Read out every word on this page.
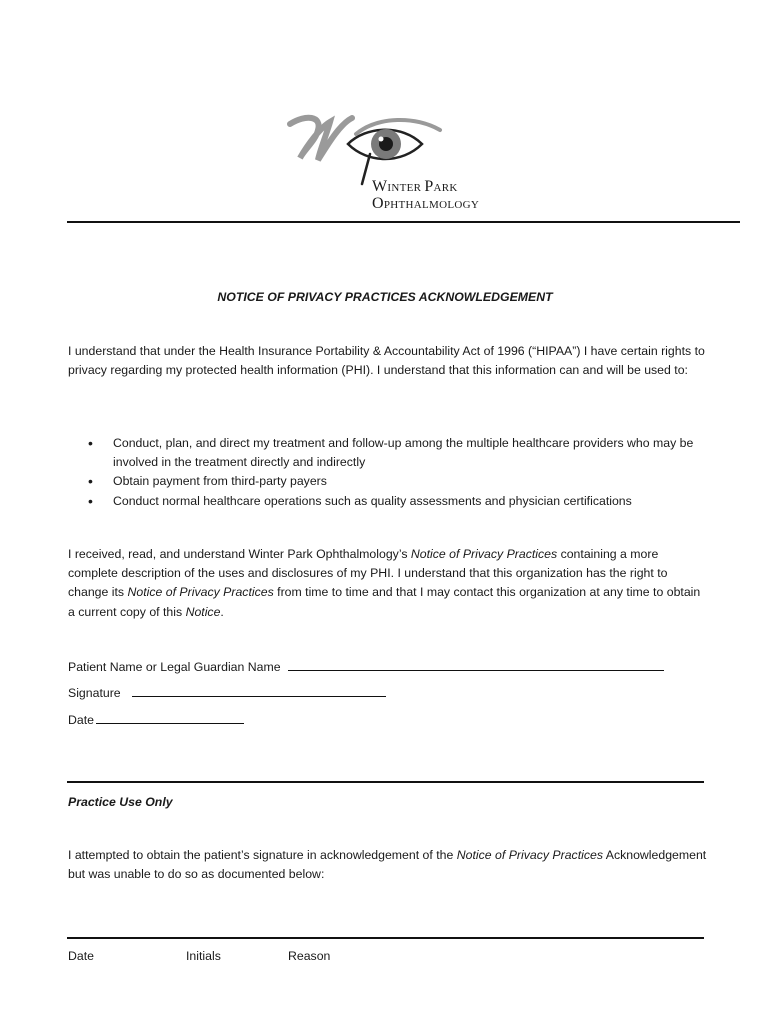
WINTER PARK
OPHTHALMOLOGY
NOTICE OF PRIVACY PRACTICES ACKNOWLEDGEMENT
I understand that under the Health Insurance Portability & Accountability Act of 1996 (“HIPAA”) I have certain rights to privacy regarding my protected health information (PHI). I understand that this information can and will be used to:
• Conduct, plan, and direct my treatment and follow-up among the multiple healthcare providers who may be involved in the treatment directly and indirectly
• Obtain payment from third-party payers
• Conduct normal healthcare operations such as quality assessments and physician certifications
I received, read, and understand Winter Park Ophthalmology’s Notice of Privacy Practices containing a more complete description of the uses and disclosures of my PHI. I understand that this organization has the right to change its Notice of Privacy Practices from time to time and that I may contact this organization at any time to obtain a current copy of this Notice.
Patient Name or Legal Guardian Name
Signature
Date
Practice Use Only
I attempted to obtain the patient’s signature in acknowledgement of the Notice of Privacy Practices Acknowledgement but was unable to do so as documented below:
Date	Initials	Reason
